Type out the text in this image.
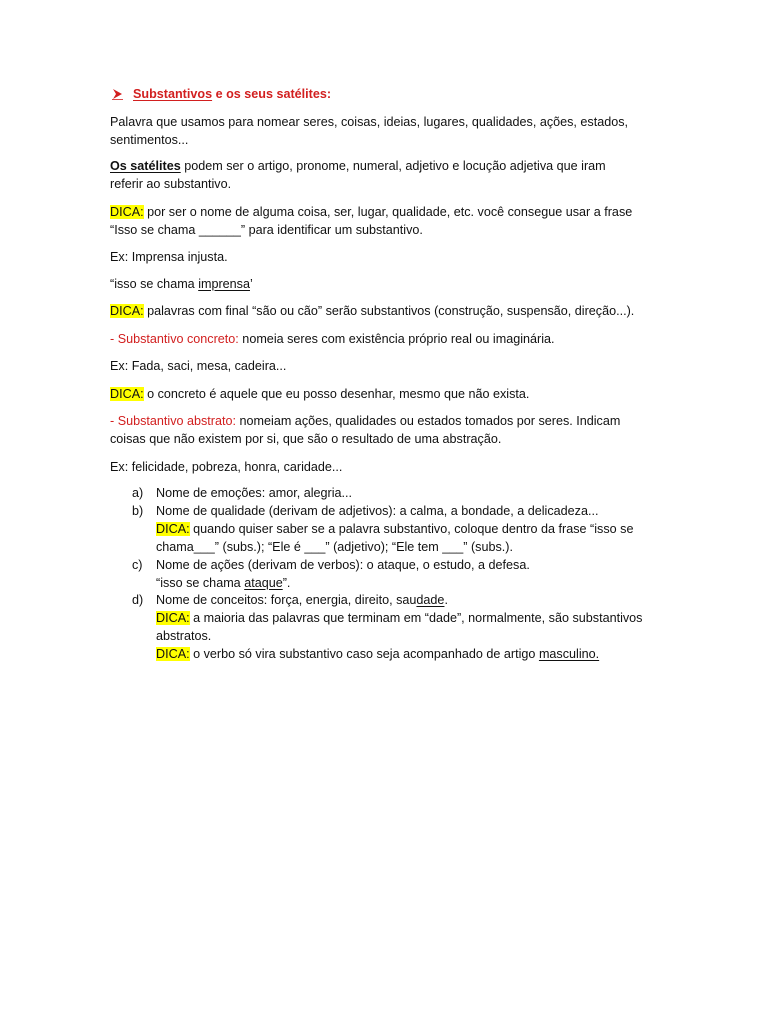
Substantivos e os seus satélites:
Palavra que usamos para nomear seres, coisas, ideias, lugares, qualidades, ações, estados,
sentimentos...
Os satélites podem ser o artigo, pronome, numeral, adjetivo e locução adjetiva que iram
referir ao substantivo.
DICA: por ser o nome de alguma coisa, ser, lugar, qualidade, etc. você consegue usar a frase
“Isso se chama ______” para identificar um substantivo.
Ex: Imprensa injusta.
“isso se chama imprensa’
DICA: palavras com final “são ou cão” serão substantivos (construção, suspensão, direção...).
- Substantivo concreto: nomeia seres com existência próprio real ou imaginária.
Ex: Fada, saci, mesa, cadeira...
DICA: o concreto é aquele que eu posso desenhar, mesmo que não exista.
- Substantivo abstrato: nomeiam ações, qualidades ou estados tomados por seres. Indicam
coisas que não existem por si, que são o resultado de uma abstração.
Ex: felicidade, pobreza, honra, caridade...
a) Nome de emoções: amor, alegria...
b) Nome de qualidade (derivam de adjetivos): a calma, a bondade, a delicadeza...
DICA: quando quiser saber se a palavra substantivo, coloque dentro da frase “isso se
chama___” (subs.); “Ele é ___” (adjetivo); “Ele tem ___” (subs.).
c) Nome de ações (derivam de verbos): o ataque, o estudo, a defesa.
“isso se chama ataque”.
d) Nome de conceitos: força, energia, direito, saudade.
DICA: a maioria das palavras que terminam em “dade”, normalmente, são substantivos
abstratos.
DICA: o verbo só vira substantivo caso seja acompanhado de artigo masculino.
